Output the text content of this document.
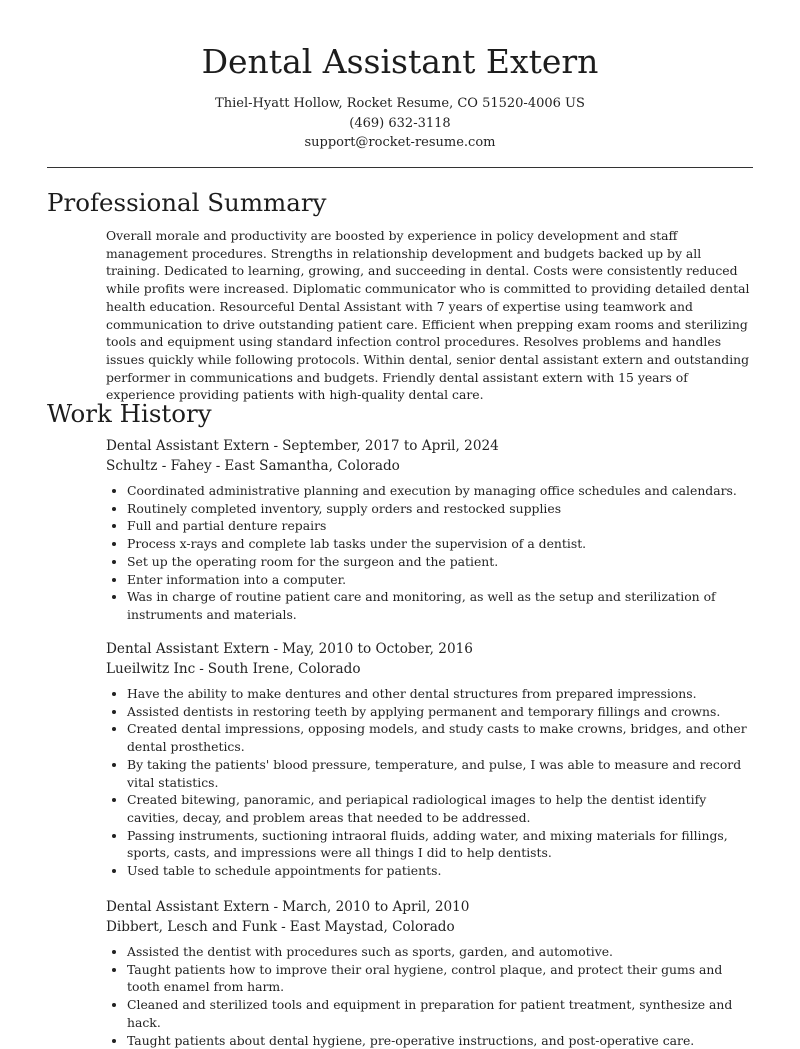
Dental Assistant Extern
Thiel-Hyatt Hollow, Rocket Resume, CO 51520-4006 US
(469) 632-3118
support@rocket-resume.com
Professional Summary
Overall morale and productivity are boosted by experience in policy development and staff management procedures. Strengths in relationship development and budgets backed up by all training. Dedicated to learning, growing, and succeeding in dental. Costs were consistently reduced while profits were increased. Diplomatic communicator who is committed to providing detailed dental health education. Resourceful Dental Assistant with 7 years of expertise using teamwork and communication to drive outstanding patient care. Efficient when prepping exam rooms and sterilizing tools and equipment using standard infection control procedures. Resolves problems and handles issues quickly while following protocols. Within dental, senior dental assistant extern and outstanding performer in communications and budgets. Friendly dental assistant extern with 15 years of experience providing patients with high-quality dental care.
Work History
Dental Assistant Extern - September, 2017 to April, 2024
Schultz - Fahey - East Samantha, Colorado
• Coordinated administrative planning and execution by managing office schedules and calendars.
• Routinely completed inventory, supply orders and restocked supplies
• Full and partial denture repairs
• Process x-rays and complete lab tasks under the supervision of a dentist.
• Set up the operating room for the surgeon and the patient.
• Enter information into a computer.
• Was in charge of routine patient care and monitoring, as well as the setup and sterilization of instruments and materials.
Dental Assistant Extern - May, 2010 to October, 2016
Lueilwitz Inc - South Irene, Colorado
• Have the ability to make dentures and other dental structures from prepared impressions.
• Assisted dentists in restoring teeth by applying permanent and temporary fillings and crowns.
• Created dental impressions, opposing models, and study casts to make crowns, bridges, and other dental prosthetics.
• By taking the patients' blood pressure, temperature, and pulse, I was able to measure and record vital statistics.
• Created bitewing, panoramic, and periapical radiological images to help the dentist identify cavities, decay, and problem areas that needed to be addressed.
• Passing instruments, suctioning intraoral fluids, adding water, and mixing materials for fillings, sports, casts, and impressions were all things I did to help dentists.
• Used table to schedule appointments for patients.
Dental Assistant Extern - March, 2010 to April, 2010
Dibbert, Lesch and Funk - East Maystad, Colorado
• Assisted the dentist with procedures such as sports, garden, and automotive.
• Taught patients how to improve their oral hygiene, control plaque, and protect their gums and tooth enamel from harm.
• Cleaned and sterilized tools and equipment in preparation for patient treatment, synthesize and hack.
• Taught patients about dental hygiene, pre-operative instructions, and post-operative care.
